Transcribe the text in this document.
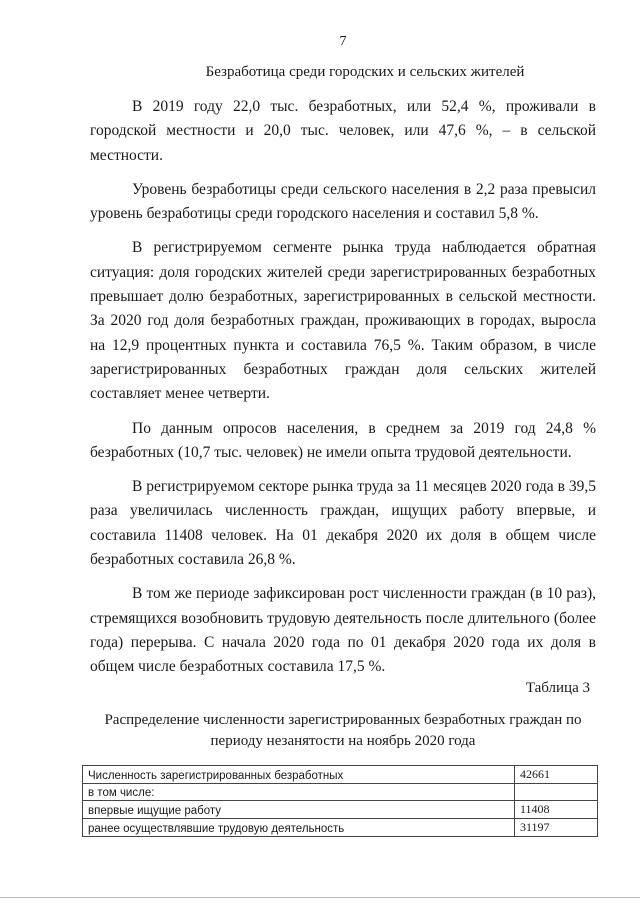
7
Безработица среди городских и сельских жителей

В 2019 году 22,0 тыс. безработных, или 52,4 %, проживали в городской местности и 20,0 тыс. человек, или 47,6 %, – в сельской местности.

Уровень безработицы среди сельского населения в 2,2 раза превысил уровень безработицы среди городского населения и составил 5,8 %.

В регистрируемом сегменте рынка труда наблюдается обратная ситуация: доля городских жителей среди зарегистрированных безработных превышает долю безработных, зарегистрированных в сельской местности. За 2020 год доля безработных граждан, проживающих в городах, выросла на 12,9 процентных пункта и составила 76,5 %. Таким образом, в числе зарегистрированных безработных граждан доля сельских жителей составляет менее четверти.

По данным опросов населения, в среднем за 2019 год 24,8 % безработных (10,7 тыс. человек) не имели опыта трудовой деятельности.

В регистрируемом секторе рынка труда за 11 месяцев 2020 года в 39,5 раза увеличилась численность граждан, ищущих работу впервые, и составила 11408 человек. На 01 декабря 2020 их доля в общем числе безработных составила 26,8 %.

В том же периоде зафиксирован рост численности граждан (в 10 раз), стремящихся возобновить трудовую деятельность после длительного (более года) перерыва. С начала 2020 года по 01 декабря 2020 года их доля в общем числе безработных составила 17,5 %.

Таблица 3
Распределение численности зарегистрированных безработных граждан по периоду незанятости на ноябрь 2020 года
Численность зарегистрированных безработных	42661
в том числе:	
впервые ищущие работу	11408
ранее осуществлявшие трудовую деятельность	31197
